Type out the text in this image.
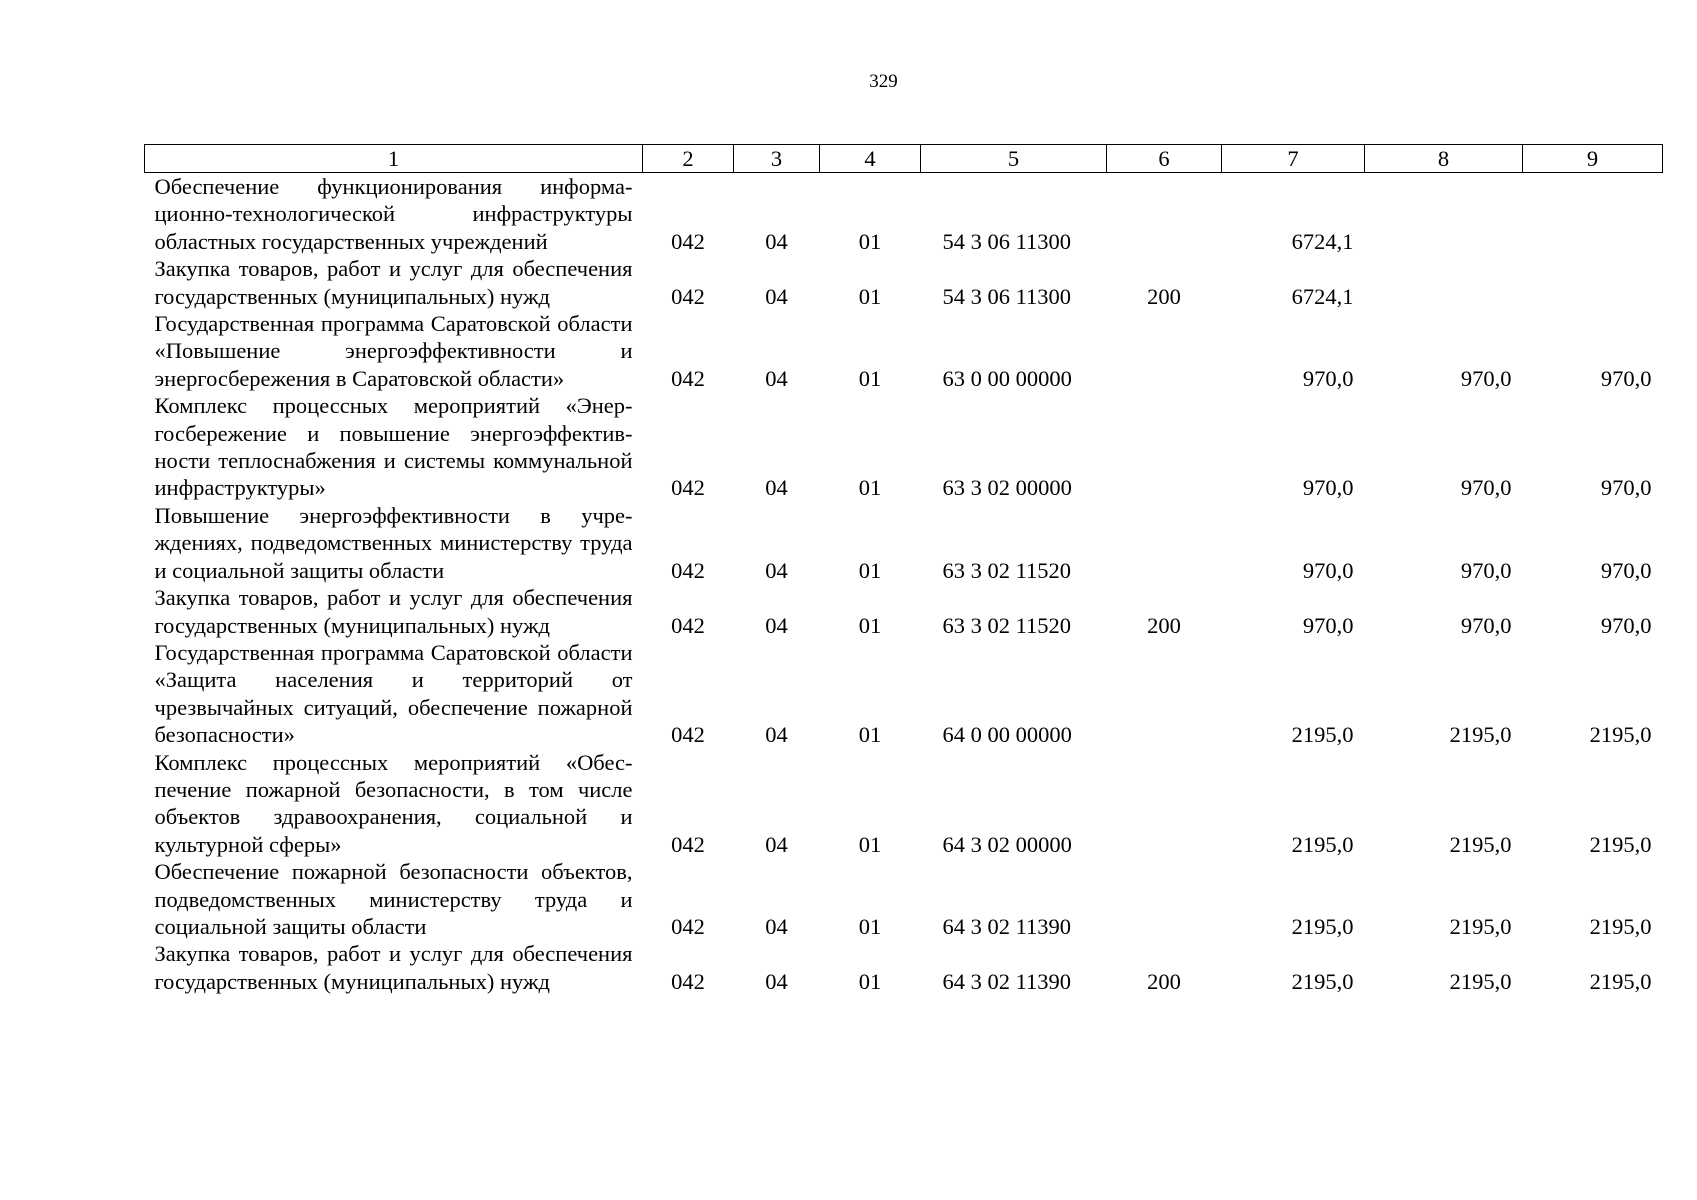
329
1	2	3	4	5	6	7	8	9
Обеспечение функционирования информационно-технологической инфраструктуры областных государственных учреждений	042	04	01	54 3 06 11300		6724,1		
Закупка товаров, работ и услуг для обеспечения государственных (муниципальных) нужд	042	04	01	54 3 06 11300	200	6724,1		
Государственная программа Саратовской области «Повышение энергоэффективности и энергосбережения в Саратовской области»	042	04	01	63 0 00 00000		970,0	970,0	970,0
Комплекс процессных мероприятий «Энергосбережение и повышение энергоэффективности теплоснабжения и системы коммунальной инфраструктуры»	042	04	01	63 3 02 00000		970,0	970,0	970,0
Повышение энергоэффективности в учреждениях, подведомственных министерству труда и социальной защиты области	042	04	01	63 3 02 11520		970,0	970,0	970,0
Закупка товаров, работ и услуг для обеспечения государственных (муниципальных) нужд	042	04	01	63 3 02 11520	200	970,0	970,0	970,0
Государственная программа Саратовской области «Защита населения и территорий от чрезвычайных ситуаций, обеспечение пожарной безопасности»	042	04	01	64 0 00 00000		2195,0	2195,0	2195,0
Комплекс процессных мероприятий «Обеспечение пожарной безопасности, в том числе объектов здравоохранения, социальной и культурной сферы»	042	04	01	64 3 02 00000		2195,0	2195,0	2195,0
Обеспечение пожарной безопасности объектов, подведомственных министерству труда и социальной защиты области	042	04	01	64 3 02 11390		2195,0	2195,0	2195,0
Закупка товаров, работ и услуг для обеспечения государственных (муниципальных) нужд	042	04	01	64 3 02 11390	200	2195,0	2195,0	2195,0
